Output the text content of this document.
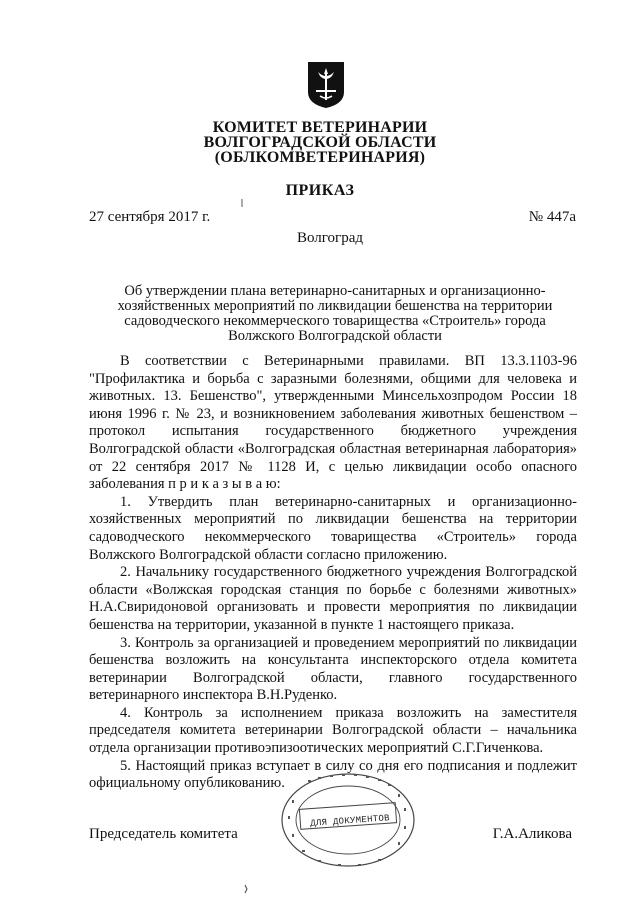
КОМИТЕТ ВЕТЕРИНАРИИ
ВОЛГОГРАДСКОЙ ОБЛАСТИ
(ОБЛКОМВЕТЕРИНАРИЯ)
ПРИКАЗ
27 сентября 2017 г.	№ 447а
Волгоград
Об утверждении плана ветеринарно-санитарных и организационно-хозяйственных мероприятий по ликвидации бешенства на территории садоводческого некоммерческого товарищества «Строитель» города Волжского Волгоградской области

В соответствии с Ветеринарными правилами. ВП 13.3.1103-96 "Профилактика и борьба с заразными болезнями, общими для человека и животных. 13. Бешенство", утвержденными Минсельхозпродом России 18 июня 1996 г. № 23, и возникновением заболевания животных бешенством – протокол испытания государственного бюджетного учреждения Волгоградской области «Волгоградская областная ветеринарная лаборатория» от 22 сентября 2017 № 1128 И, с целью ликвидации особо опасного заболевания п р и к а з ы в а ю:

1. Утвердить план ветеринарно-санитарных и организационно-хозяйственных мероприятий по ликвидации бешенства на территории садоводческого некоммерческого товарищества «Строитель» города Волжского Волгоградской области согласно приложению.

2. Начальнику государственного бюджетного учреждения Волгоградской области «Волжская городская станция по борьбе с болезнями животных» Н.А.Свиридоновой организовать и провести мероприятия по ликвидации бешенства на территории, указанной в пункте 1 настоящего приказа.

3. Контроль за организацией и проведением мероприятий по ликвидации бешенства возложить на консультанта инспекторского отдела комитета ветеринарии Волгоградской области, главного государственного ветеринарного инспектора В.Н.Руденко.

4. Контроль за исполнением приказа возложить на заместителя председателя комитета ветеринарии Волгоградской области – начальника отдела организации противоэпизоотических мероприятий С.Г.Гиченкова.

5. Настоящий приказ вступает в силу со дня его подписания и подлежит официальному опубликованию.

ДЛЯ ДОКУМЕНТОВ
Председатель комитета	Г.А.Аликова
